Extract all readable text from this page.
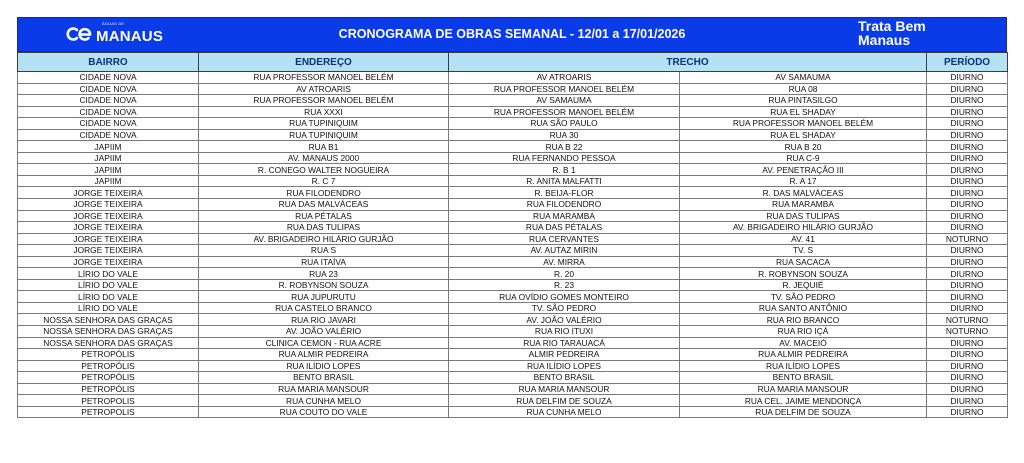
ÁGUAS DE
MANAUS	CRONOGRAMA DE OBRAS SEMANAL - 12/01 a 17/01/2026	Trata Bem
Manaus
BAIRRO	ENDEREÇO	TRECHO		PERÍODO
CIDADE NOVA	RUA PROFESSOR MANOEL BELÉM	AV ATROARIS	AV SAMAUMA	DIURNO
CIDADE NOVA	AV ATROARIS	RUA PROFESSOR MANOEL BELÉM	RUA 08	DIURNO
CIDADE NOVA	RUA PROFESSOR MANOEL BELÉM	AV SAMAUMA	RUA PINTASILGO	DIURNO
CIDADE NOVA	RUA XXXI	RUA PROFESSOR MANOEL BELÉM	RUA EL SHADAY	DIURNO
CIDADE NOVA	RUA TUPINIQUIM	RUA SÃO PAULO	RUA PROFESSOR MANOEL BELÉM	DIURNO
CIDADE NOVA	RUA TUPINIQUIM	RUA 30	RUA EL SHADAY	DIURNO
JAPIIM	RUA B1	RUA B 22	RUA B 20	DIURNO
JAPIIM	AV. MANAUS 2000	RUA FERNANDO PESSOA	RUA C-9	DIURNO
JAPIIM	R. CONEGO WALTER NOGUEIRA	R. B 1	AV. PENETRAÇÃO III	DIURNO
JAPIIM	R. C 7	R. ANITA MALFATTI	R. A 17	DIURNO
JORGE TEIXEIRA	RUA FILODENDRO	R. BEIJA-FLOR	R. DAS MALVÁCEAS	DIURNO
JORGE TEIXEIRA	RUA DAS MALVÁCEAS	RUA FILODENDRO	RUA MARAMBA	DIURNO
JORGE TEIXEIRA	RUA PÉTALAS	RUA MARAMBA	RUA DAS TULIPAS	DIURNO
JORGE TEIXEIRA	RUA DAS TULIPAS	RUA DAS PÉTALAS	AV. BRIGADEIRO HILÁRIO GURJÃO	DIURNO
JORGE TEIXEIRA	AV. BRIGADEIRO HILÁRIO GURJÃO	RUA CERVANTES	AV. 41	NOTURNO
JORGE TEIXEIRA	RUA S	AV. AUTAZ MIRIN	TV. S	DIURNO
JORGE TEIXEIRA	RUA ITAÍVA	AV. MIRRA	RUA SACACA	DIURNO
LÍRIO DO VALE	RUA 23	R. 20	R. ROBYNSON SOUZA	DIURNO
LÍRIO DO VALE	R. ROBYNSON SOUZA	R. 23	R. JEQUIÉ	DIURNO
LÍRIO DO VALE	RUA JUPURUTU	RUA OVÍDIO GOMES MONTEIRO	TV. SÃO PEDRO	DIURNO
LÍRIO DO VALE	RUA CASTELO BRANCO	TV. SÃO PEDRO	RUA SANTO ANTÔNIO	DIURNO
NOSSA SENHORA DAS GRAÇAS	RUA RIO JAVARI	AV. JOÃO VALÉRIO	RUA RIO BRANCO	NOTURNO
NOSSA SENHORA DAS GRAÇAS	AV. JOÃO VALÉRIO	RUA RIO ITUXI	RUA RIO IÇÁ	NOTURNO
NOSSA SENHORA DAS GRAÇAS	CLINICA CEMON - RUA ACRE	RUA RIO TARAUACÁ	AV. MACEIÓ	DIURNO
PETROPÓLIS	RUA ALMIR PEDREIRA	ALMIR PEDREIRA	RUA ALMIR PEDREIRA	DIURNO
PETROPÓLIS	RUA ILÍDIO LOPES	RUA ILÍDIO LOPES	RUA ILÍDIO LOPES	DIURNO
PETROPÓLIS	BENTO BRASIL	BENTO BRASIL	BENTO BRASIL	DIURNO
PETROPÓLIS	RUA MARIA MANSOUR	RUA MARIA MANSOUR	RUA MARIA MANSOUR	DIURNO
PETROPOLIS	RUA CUNHA MELO	RUA DELFIM DE SOUZA	RUA CEL. JAIME MENDONÇA	DIURNO
PETROPOLIS	RUA COUTO DO VALE	RUA CUNHA MELO	RUA DELFIM DE SOUZA	DIURNO
